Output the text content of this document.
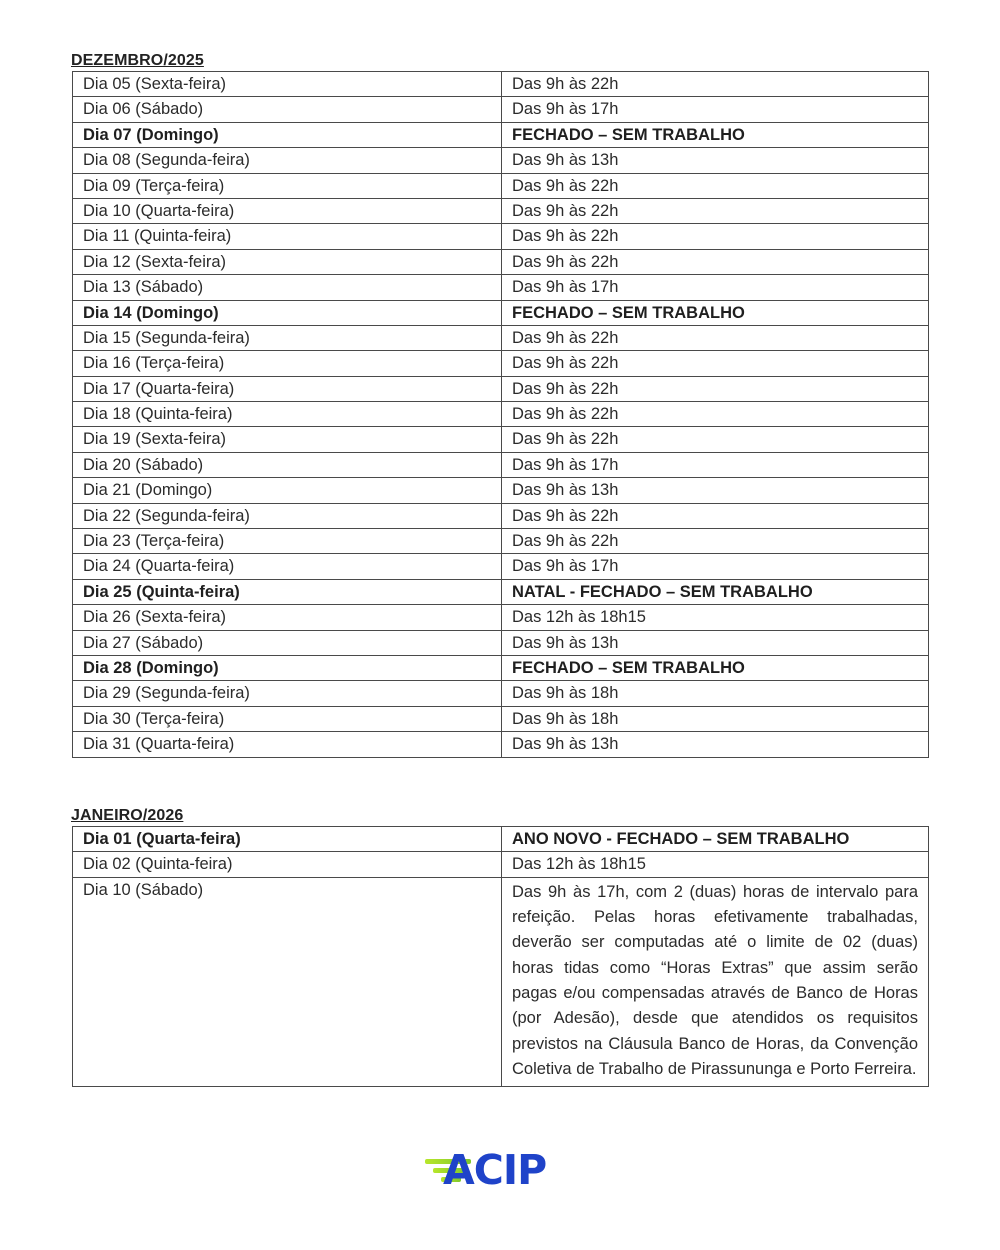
DEZEMBRO/2025
Dia 05 (Sexta-feira)	Das 9h às 22h
Dia 06 (Sábado)	Das 9h às 17h
Dia 07 (Domingo)	FECHADO – SEM TRABALHO
Dia 08 (Segunda-feira)	Das 9h às 13h
Dia 09 (Terça-feira)	Das 9h às 22h
Dia 10 (Quarta-feira)	Das 9h às 22h
Dia 11 (Quinta-feira)	Das 9h às 22h
Dia 12 (Sexta-feira)	Das 9h às 22h
Dia 13 (Sábado)	Das 9h às 17h
Dia 14 (Domingo)	FECHADO – SEM TRABALHO
Dia 15 (Segunda-feira)	Das 9h às 22h
Dia 16 (Terça-feira)	Das 9h às 22h
Dia 17 (Quarta-feira)	Das 9h às 22h
Dia 18 (Quinta-feira)	Das 9h às 22h
Dia 19 (Sexta-feira)	Das 9h às 22h
Dia 20 (Sábado)	Das 9h às 17h
Dia 21 (Domingo)	Das 9h às 13h
Dia 22 (Segunda-feira)	Das 9h às 22h
Dia 23 (Terça-feira)	Das 9h às 22h
Dia 24 (Quarta-feira)	Das 9h às 17h
Dia 25 (Quinta-feira)	NATAL - FECHADO – SEM TRABALHO
Dia 26 (Sexta-feira)	Das 12h às 18h15
Dia 27 (Sábado)	Das 9h às 13h
Dia 28 (Domingo)	FECHADO – SEM TRABALHO
Dia 29 (Segunda-feira)	Das 9h às 18h
Dia 30 (Terça-feira)	Das 9h às 18h
Dia 31 (Quarta-feira)	Das 9h às 13h
JANEIRO/2026
Dia 01 (Quarta-feira)	ANO NOVO - FECHADO – SEM TRABALHO
Dia 02 (Quinta-feira)	Das 12h às 18h15
Dia 10 (Sábado)	Das 9h às 17h, com 2 (duas) horas de intervalo para refeição. Pelas horas efetivamente trabalhadas, deverão ser computadas até o limite de 02 (duas) horas tidas como “Horas Extras” que assim serão pagas e/ou compensadas através de Banco de Horas (por Adesão), desde que atendidos os requisitos previstos na Cláusula Banco de Horas, da Convenção Coletiva de Trabalho de Pirassununga e Porto Ferreira.
ACIP
